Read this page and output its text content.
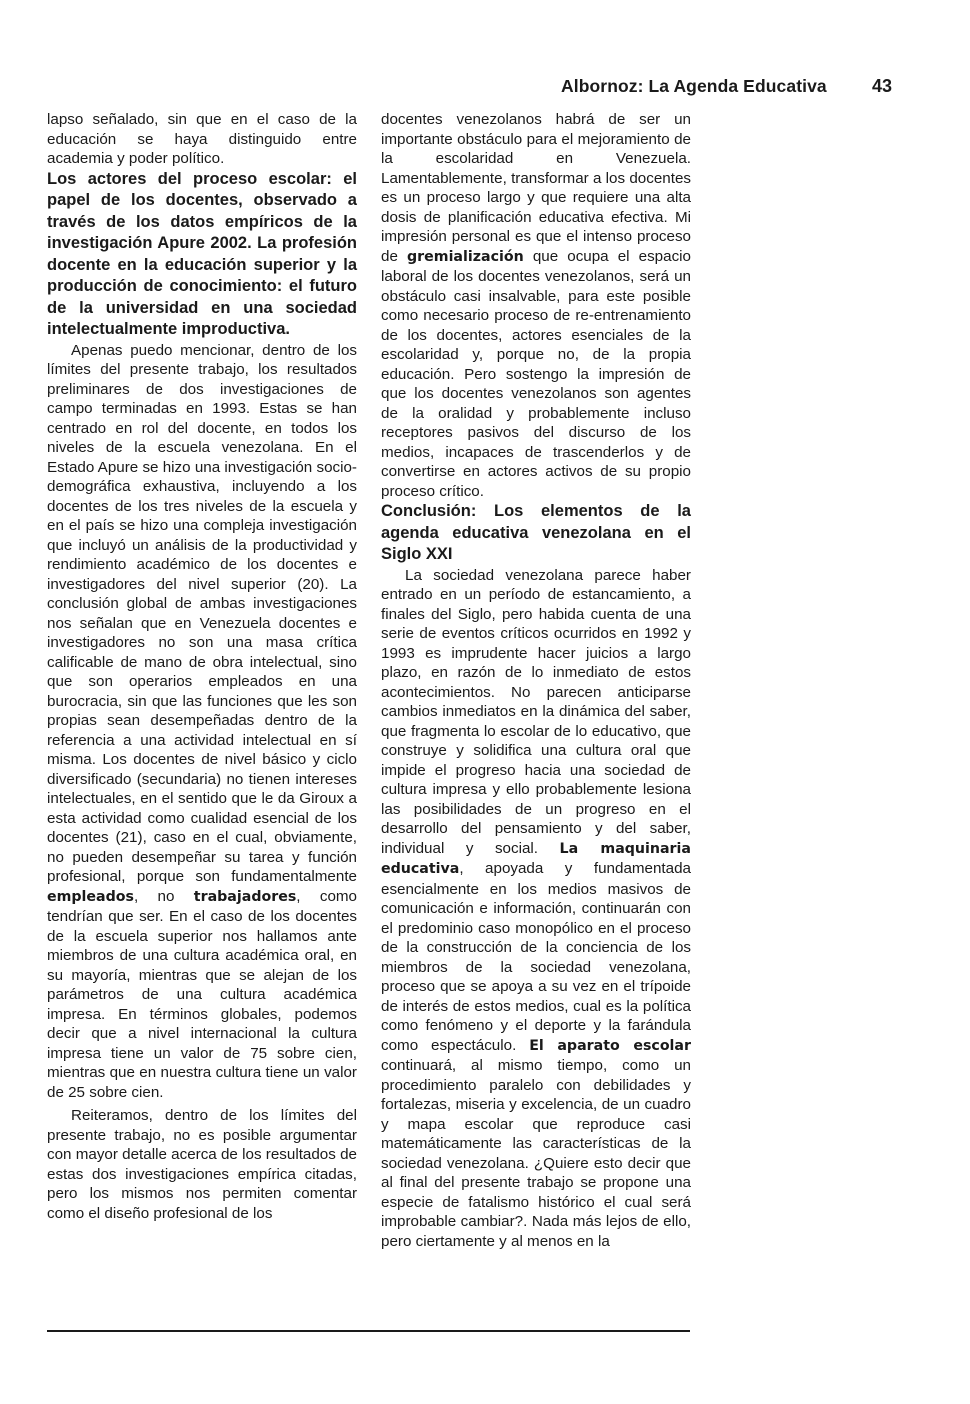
Albornoz: La Agenda Educativa	43

lapso señalado, sin que en el caso de la educación se haya distinguido entre academia y poder político.

Los actores del proceso escolar: el papel de los docentes, observado a través de los datos empíricos de la investigación Apure 2002. La profesión docente en la educación superior y la producción de conocimiento: el futuro de la universidad en una sociedad intelectualmente improductiva.

Apenas puedo mencionar, dentro de los límites del presente trabajo, los resultados preliminares de dos investigaciones de campo terminadas en 1993. Estas se han centrado en rol del docente, en todos los niveles de la escuela venezolana. En el Estado Apure se hizo una investigación socio-demográfica exhaustiva, incluyendo a los docentes de los tres niveles de la escuela y en el país se hizo una compleja investigación que incluyó un análisis de la productividad y rendimiento académico de los docentes e investigadores del nivel superior (20). La conclusión global de ambas investigaciones nos señalan que en Venezuela docentes e investigadores no son una masa crítica calificable de mano de obra intelectual, sino que son operarios empleados en una burocracia, sin que las funciones que les son propias sean desempeñadas dentro de la referencia a una actividad intelectual en sí misma. Los docentes de nivel básico y ciclo diversificado (secundaria) no tienen intereses intelectuales, en el sentido que le da Giroux a esta actividad como cualidad esencial de los docentes (21), caso en el cual, obviamente, no pueden desempeñar su tarea y función profesional, porque son fundamentalmente empleados, no trabajadores, como tendrían que ser. En el caso de los docentes de la escuela superior nos hallamos ante miembros de una cultura académica oral, en su mayoría, mientras que se alejan de los parámetros de una cultura académica impresa. En términos globales, podemos decir que a nivel internacional la cultura impresa tiene un valor de 75 sobre cien, mientras que en nuestra cultura tiene un valor de 25 sobre cien.

Reiteramos, dentro de los límites del presente trabajo, no es posible argumentar con mayor detalle acerca de los resultados de estas dos investigaciones empírica citadas, pero los mismos nos permiten comentar como el diseño profesional de los

docentes venezolanos habrá de ser un importante obstáculo para el mejoramiento de la escolaridad en Venezuela. Lamentablemente, transformar a los docentes es un proceso largo y que requiere una alta dosis de planificación educativa efectiva. Mi impresión personal es que el intenso proceso de gremialización que ocupa el espacio laboral de los docentes venezolanos, será un obstáculo casi insalvable, para este posible como necesario proceso de re-entrenamiento de los docentes, actores esenciales de la escolaridad y, porque no, de la propia educación. Pero sostengo la impresión de que los docentes venezolanos son agentes de la oralidad y probablemente incluso receptores pasivos del discurso de los medios, incapaces de trascenderlos y de convertirse en actores activos de su propio proceso crítico.

Conclusión: Los elementos de la agenda educativa venezolana en el Siglo XXI

La sociedad venezolana parece haber entrado en un período de estancamiento, a finales del Siglo, pero habida cuenta de una serie de eventos críticos ocurridos en 1992 y 1993 es imprudente hacer juicios a largo plazo, en razón de lo inmediato de estos acontecimientos. No parecen anticiparse cambios inmediatos en la dinámica del saber, que fragmenta lo escolar de lo educativo, que construye y solidifica una cultura oral que impide el progreso hacia una sociedad de cultura impresa y ello probablemente lesiona las posibilidades de un progreso en el desarrollo del pensamiento y del saber, individual y social. La maquinaria educativa, apoyada y fundamentada esencialmente en los medios masivos de comunicación e información, continuarán con el predominio caso monopólico en el proceso de la construcción de la conciencia de los miembros de la sociedad venezolana, proceso que se apoya a su vez en el trípoide de interés de estos medios, cual es la política como fenómeno y el deporte y la farándula como espectáculo. El aparato escolar continuará, al mismo tiempo, como un procedimiento paralelo con debilidades y fortalezas, miseria y excelencia, de un cuadro y mapa escolar que reproduce casi matemáticamente las características de la sociedad venezolana. ¿Quiere esto decir que al final del presente trabajo se propone una especie de fatalismo histórico el cual será improbable cambiar?. Nada más lejos de ello, pero ciertamente y al menos en la
